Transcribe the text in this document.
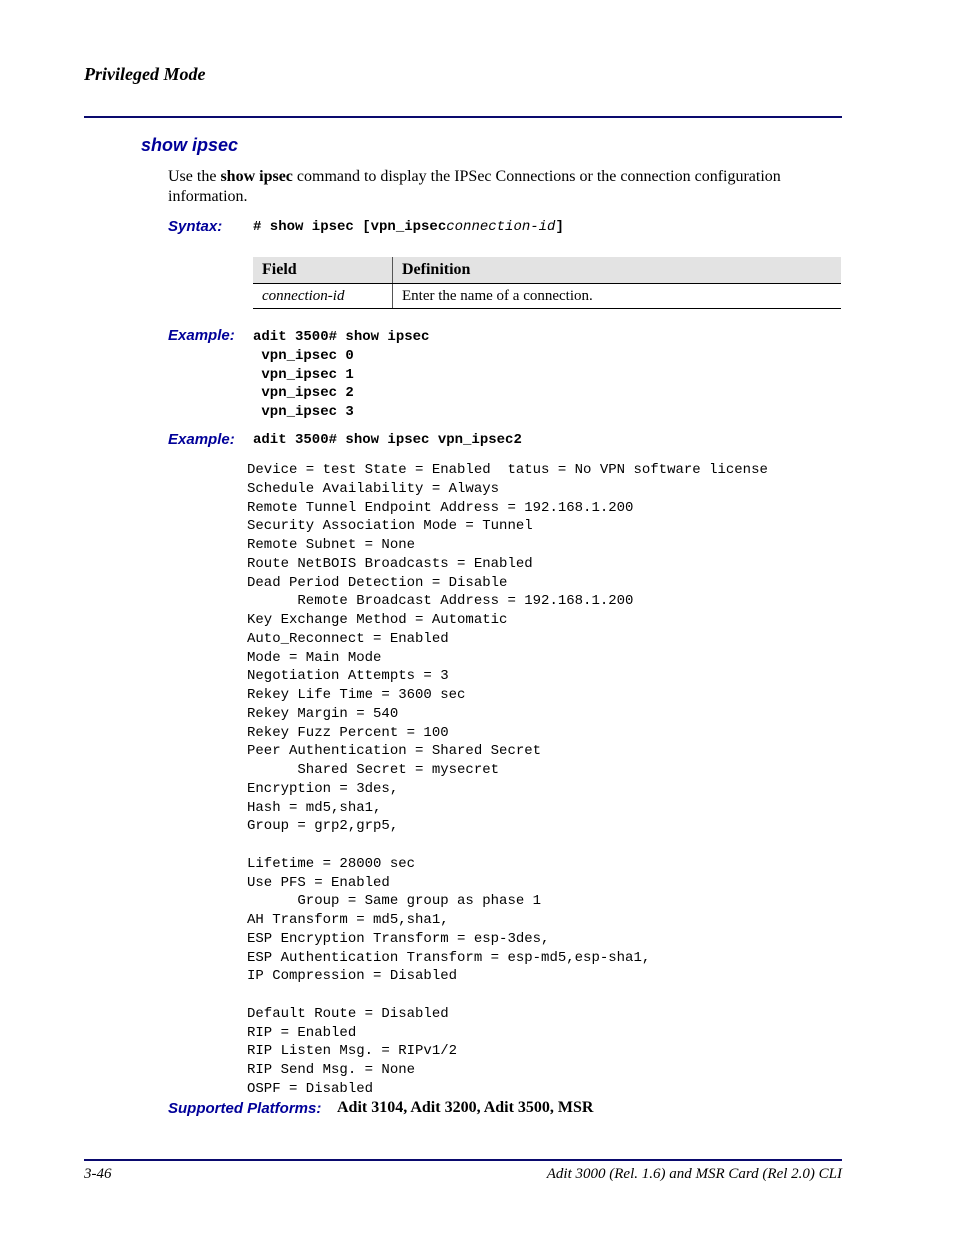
Privileged Mode
show ipsec
Use the show ipsec command to display the IPSec Connections or the connection configuration information.
Syntax: # show ipsec [vpn_ipsecconnection-id]
Field	Definition
connection-id	Enter the name of a connection.
Example: adit 3500# show ipsec
vpn_ipsec 0
vpn_ipsec 1
vpn_ipsec 2
vpn_ipsec 3
Example: adit 3500# show ipsec vpn_ipsec2
Device = test State = Enabled  tatus = No VPN software license
Schedule Availability = Always
Remote Tunnel Endpoint Address = 192.168.1.200
Security Association Mode = Tunnel
Remote Subnet = None
Route NetBOIS Broadcasts = Enabled
Dead Period Detection = Disable
Remote Broadcast Address = 192.168.1.200
Key Exchange Method = Automatic
Auto_Reconnect = Enabled
Mode = Main Mode
Negotiation Attempts = 3
Rekey Life Time = 3600 sec
Rekey Margin = 540
Rekey Fuzz Percent = 100
Peer Authentication = Shared Secret
Shared Secret = mysecret
Encryption = 3des,
Hash = md5,sha1,
Group = grp2,grp5,

Lifetime = 28000 sec
Use PFS = Enabled
Group = Same group as phase 1
AH Transform = md5,sha1,
ESP Encryption Transform = esp-3des,
ESP Authentication Transform = esp-md5,esp-sha1,
IP Compression = Disabled

Default Route = Disabled
RIP = Enabled
RIP Listen Msg. = RIPv1/2
RIP Send Msg. = None
OSPF = Disabled
Supported Platforms: Adit 3104, Adit 3200, Adit 3500, MSR
3-46	Adit 3000 (Rel. 1.6) and MSR Card (Rel 2.0) CLI
